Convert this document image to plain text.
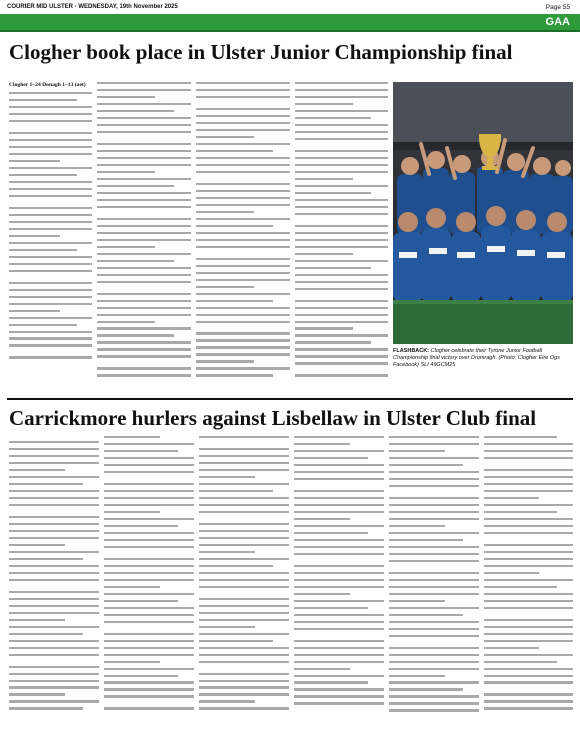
COURIER MID ULSTER - WEDNESDAY, 19th November 2025	Page 55
GAA
Clogher book place in Ulster Junior Championship final
Clogher 1–24 Donagh 1–13 (aet)
FLASHBACK: Clogher celebrate their Tyrone Junior Football Championship final victory over Dromragh. (Photo: Clogher Eire Ogs Facebook) SLI 49GCM25
Carrickmore hurlers against Lisbellaw in Ulster Club final
